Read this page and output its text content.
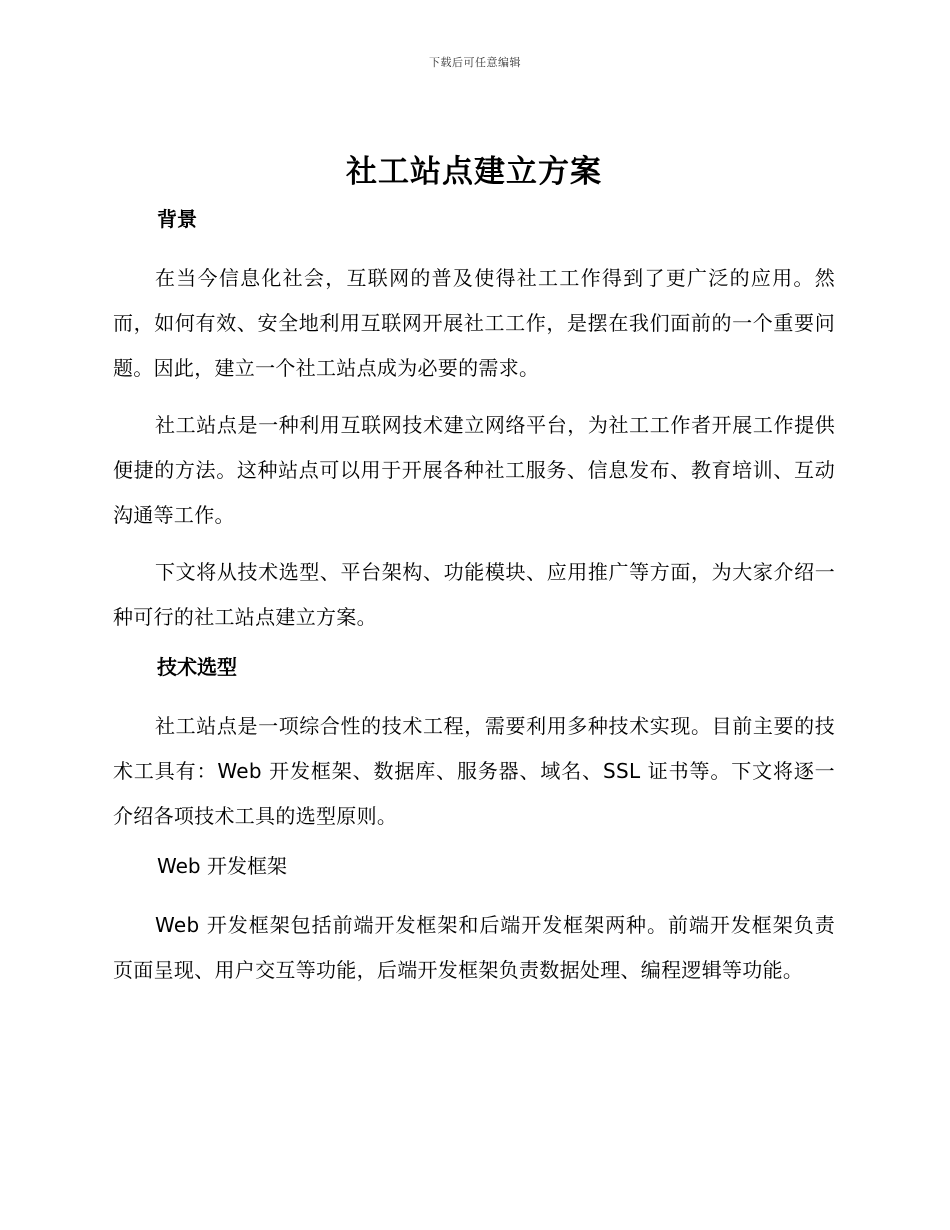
下载后可任意编辑
社工站点建立方案
背景

在当今信息化社会，互联网的普及使得社工工作得到了更广泛的应用。然而，如何有效、安全地利用互联网开展社工工作，是摆在我们面前的一个重要问题。因此，建立一个社工站点成为必要的需求。

社工站点是一种利用互联网技术建立网络平台，为社工工作者开展工作提供便捷的方法。这种站点可以用于开展各种社工服务、信息发布、教育培训、互动沟通等工作。

下文将从技术选型、平台架构、功能模块、应用推广等方面，为大家介绍一种可行的社工站点建立方案。

技术选型

社工站点是一项综合性的技术工程，需要利用多种技术实现。目前主要的技术工具有：Web 开发框架、数据库、服务器、域名、SSL 证书等。下文将逐一介绍各项技术工具的选型原则。

Web 开发框架

Web 开发框架包括前端开发框架和后端开发框架两种。前端开发框架负责页面呈现、用户交互等功能，后端开发框架负责数据处理、编程逻辑等功能。
